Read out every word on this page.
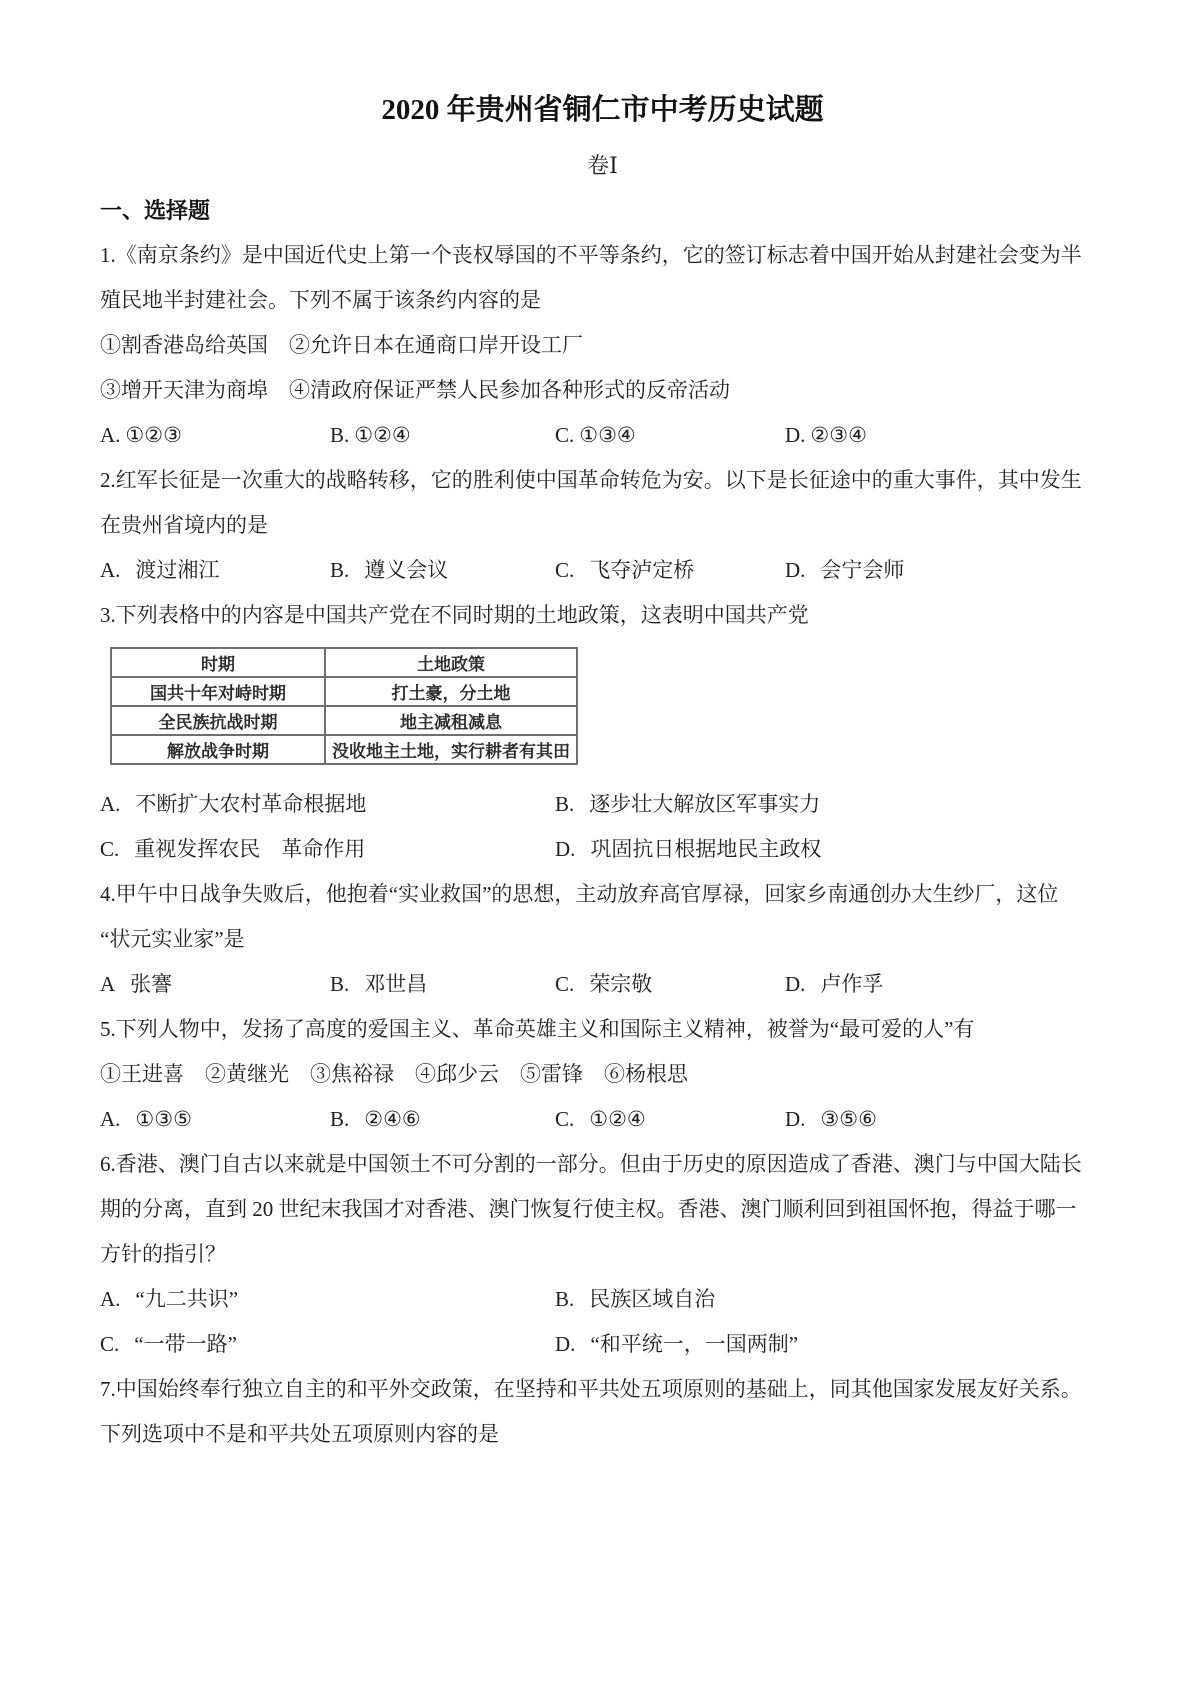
2020 年贵州省铜仁市中考历史试题
卷Ⅰ
一、选择题
1.《南京条约》是中国近代史上第一个丧权辱国的不平等条约，它的签订标志着中国开始从封建社会变为半
殖民地半封建社会。下列不属于该条约内容的是
①割香港岛给英国　②允许日本在通商口岸开设工厂
③增开天津为商埠　④清政府保证严禁人民参加各种形式的反帝活动
A. ①②③	B. ①②④	C. ①③④	D. ②③④
2.红军长征是一次重大的战略转移，它的胜利使中国革命转危为安。以下是长征途中的重大事件，其中发生
在贵州省境内的是
A. 渡过湘江	B. 遵义会议	C. 飞夺泸定桥	D. 会宁会师
3.下列表格中的内容是中国共产党在不同时期的土地政策，这表明中国共产党
时期	土地政策
国共十年对峙时期	打土豪，分土地
全民族抗战时期	地主减租减息
解放战争时期	没收地主土地，实行耕者有其田
A. 不断扩大农村革命根据地	B. 逐步壮大解放区军事实力
C. 重视发挥农民　革命作用	D. 巩固抗日根据地民主政权
4.甲午中日战争失败后，他抱着“实业救国”的思想，主动放弃高官厚禄，回家乡南通创办大生纱厂，这位
“状元实业家”是
A 张謇	B. 邓世昌	C. 荣宗敬	D. 卢作孚
5.下列人物中，发扬了高度的爱国主义、革命英雄主义和国际主义精神，被誉为“最可爱的人”有
①王进喜　②黄继光　③焦裕禄　④邱少云　⑤雷锋　⑥杨根思
A. ①③⑤	B. ②④⑥	C. ①②④	D. ③⑤⑥
6.香港、澳门自古以来就是中国领土不可分割的一部分。但由于历史的原因造成了香港、澳门与中国大陆长
期的分离，直到 20 世纪末我国才对香港、澳门恢复行使主权。香港、澳门顺利回到祖国怀抱，得益于哪一
方针的指引？
A. “九二共识”	B. 民族区域自治
C. “一带一路”	D. “和平统一，一国两制”
7.中国始终奉行独立自主的和平外交政策，在坚持和平共处五项原则的基础上，同其他国家发展友好关系。
下列选项中不是和平共处五项原则内容的是
